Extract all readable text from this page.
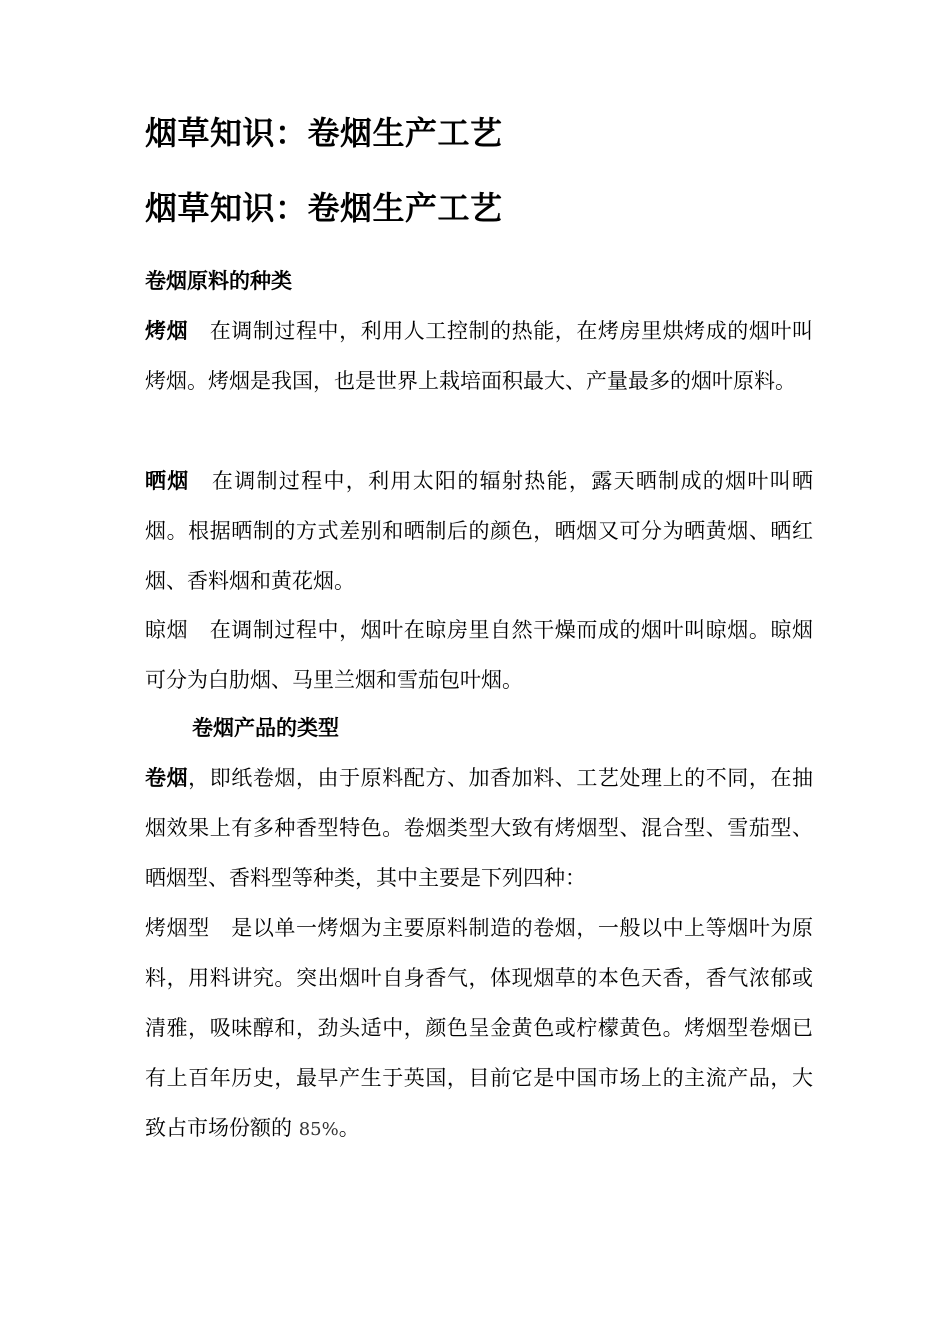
烟草知识：卷烟生产工艺
烟草知识：卷烟生产工艺
卷烟原料的种类

烤烟　在调制过程中，利用人工控制的热能，在烤房里烘烤成的烟叶叫烤烟。烤烟是我国，也是世界上栽培面积最大、产量最多的烟叶原料。

晒烟　在调制过程中，利用太阳的辐射热能，露天晒制成的烟叶叫晒烟。根据晒制的方式差别和晒制后的颜色，晒烟又可分为晒黄烟、晒红烟、香料烟和黄花烟。

晾烟　在调制过程中，烟叶在晾房里自然干燥而成的烟叶叫晾烟。晾烟可分为白肋烟、马里兰烟和雪茄包叶烟。

卷烟产品的类型

卷烟，即纸卷烟，由于原料配方、加香加料、工艺处理上的不同，在抽烟效果上有多种香型特色。卷烟类型大致有烤烟型、混合型、雪茄型、晒烟型、香料型等种类，其中主要是下列四种：

烤烟型　是以单一烤烟为主要原料制造的卷烟，一般以中上等烟叶为原料，用料讲究。突出烟叶自身香气，体现烟草的本色天香，香气浓郁或清雅，吸味醇和，劲头适中，颜色呈金黄色或柠檬黄色。烤烟型卷烟已有上百年历史，最早产生于英国，目前它是中国市场上的主流产品，大致占市场份额的 85%。
